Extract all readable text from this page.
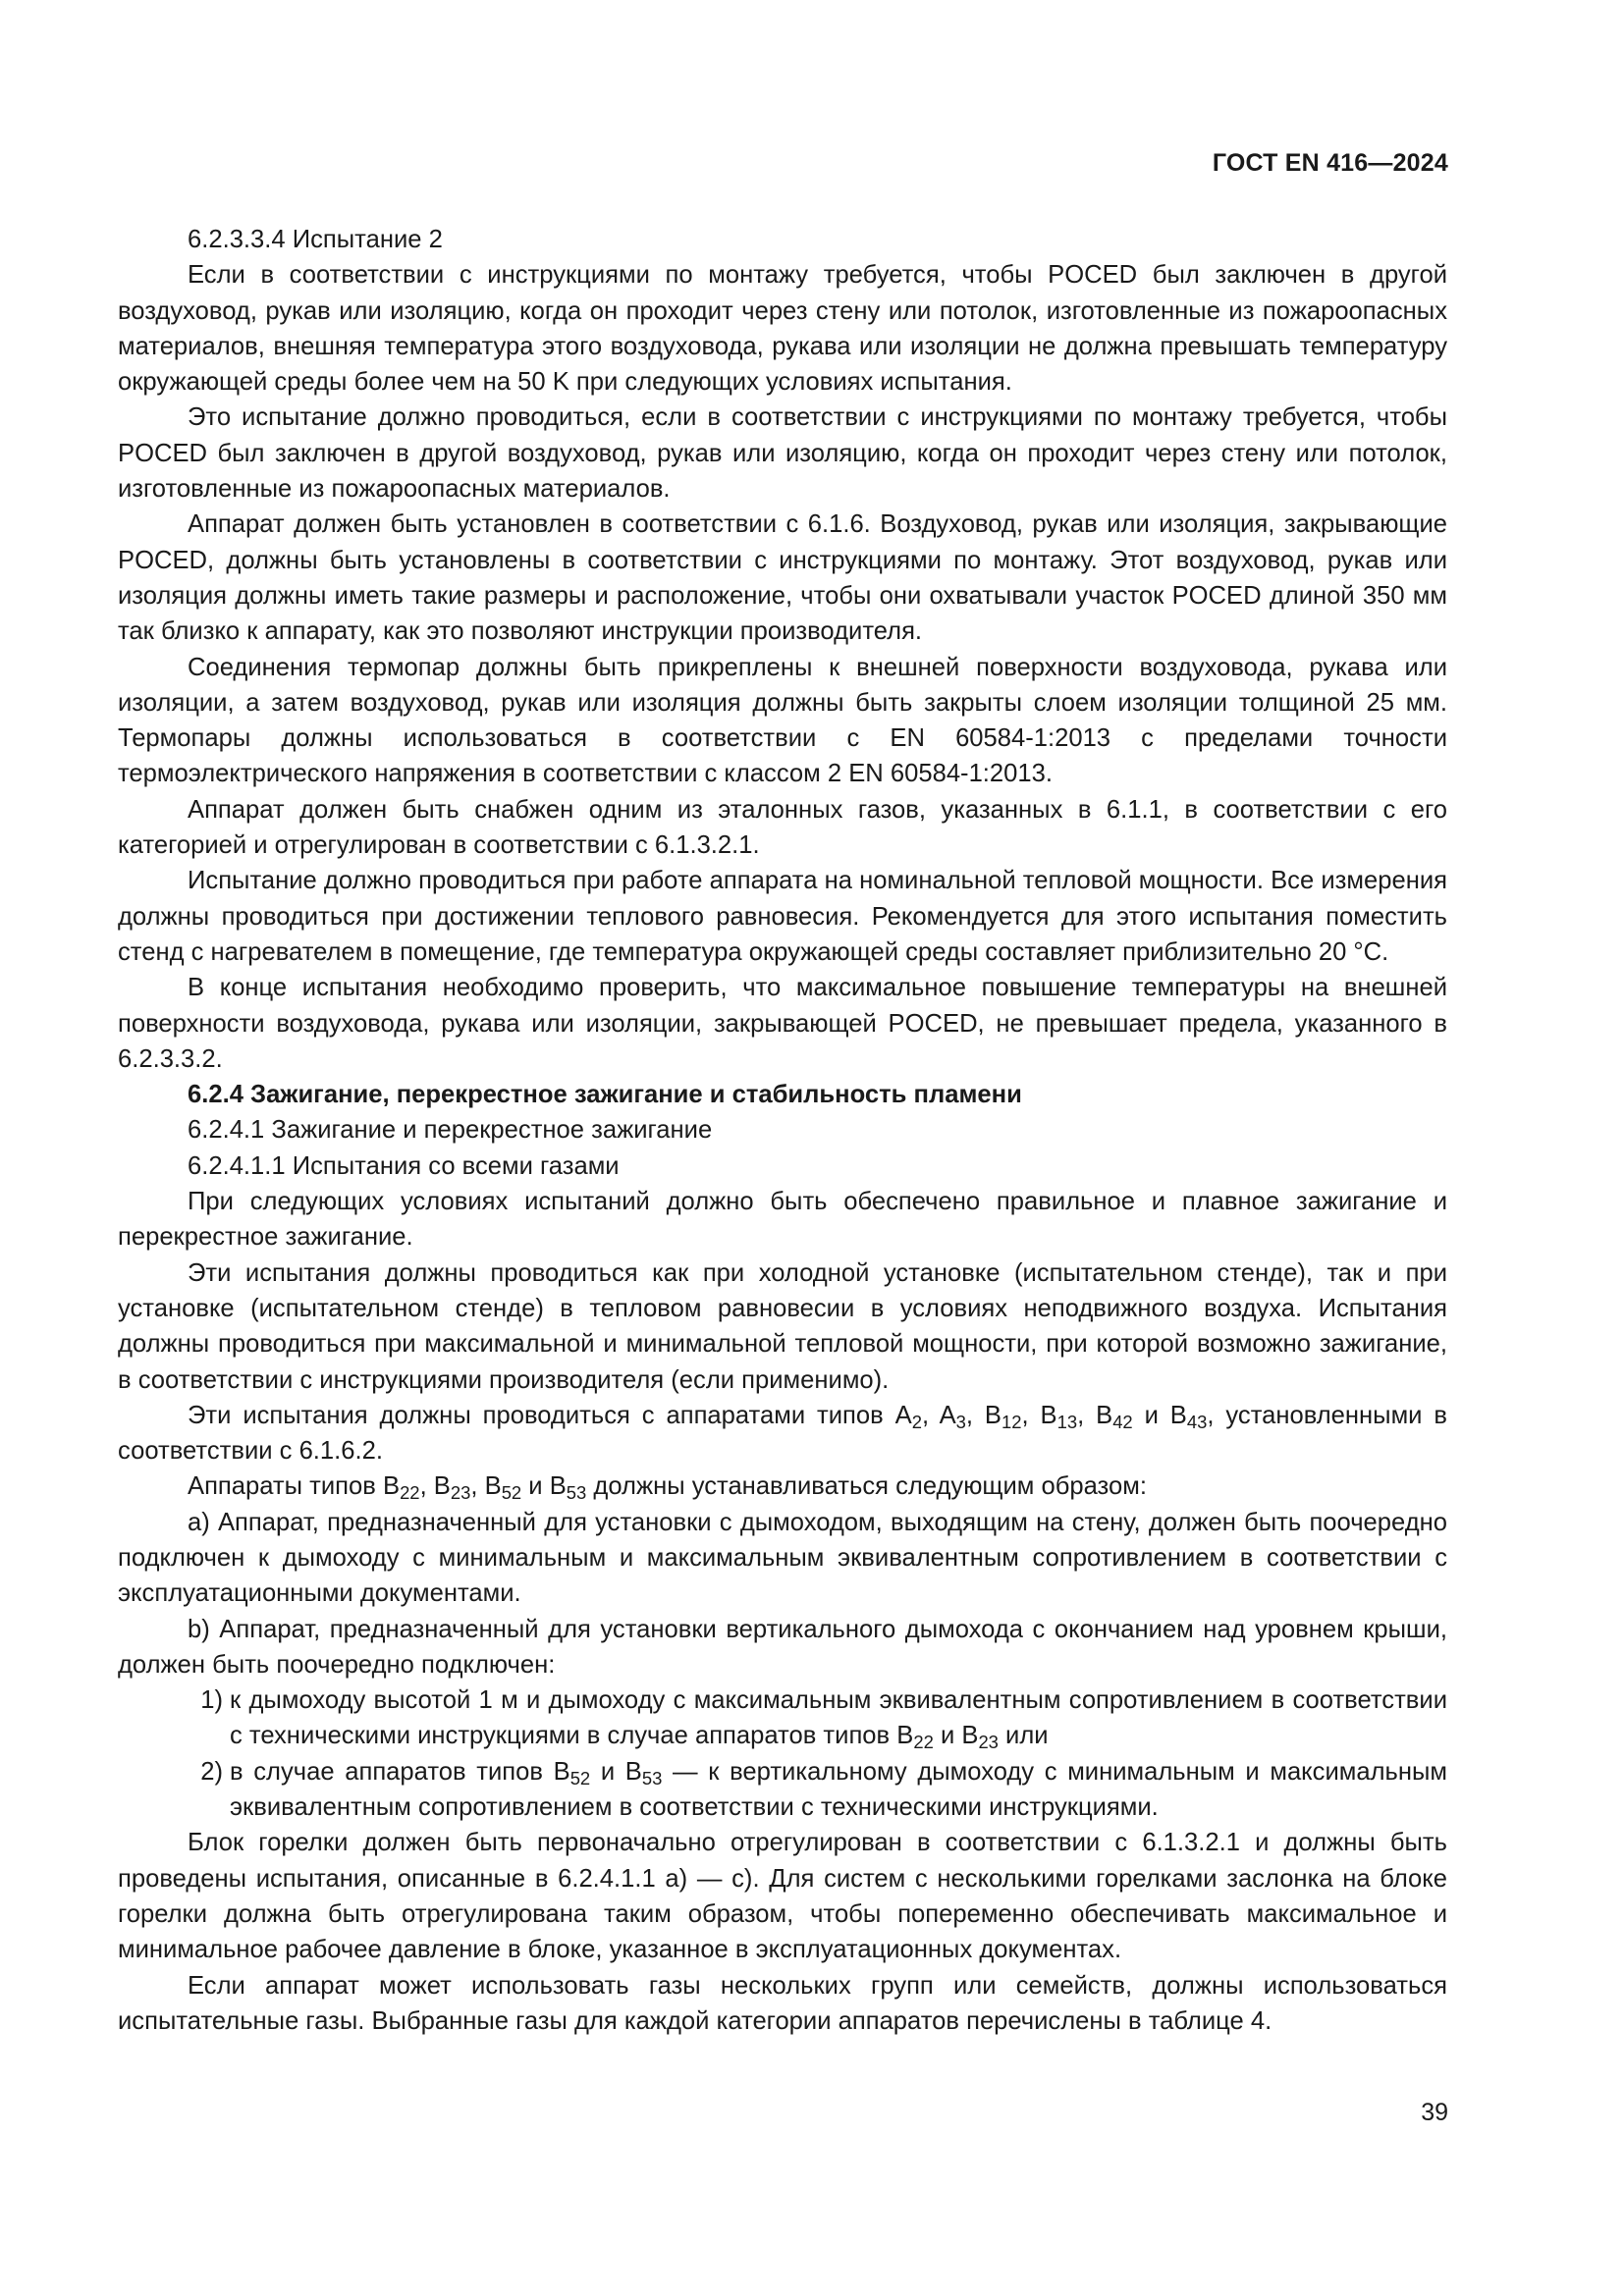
ГОСТ EN 416—2024

6.2.3.3.4 Испытание 2

Если в соответствии с инструкциями по монтажу требуется, чтобы POCED был заключен в другой воздуховод, рукав или изоляцию, когда он проходит через стену или потолок, изготовленные из пожароопасных материалов, внешняя температура этого воздуховода, рукава или изоляции не должна превышать температуру окружающей среды более чем на 50 K при следующих условиях испытания.

Это испытание должно проводиться, если в соответствии с инструкциями по монтажу требуется, чтобы POCED был заключен в другой воздуховод, рукав или изоляцию, когда он проходит через стену или потолок, изготовленные из пожароопасных материалов.

Аппарат должен быть установлен в соответствии с 6.1.6. Воздуховод, рукав или изоляция, закрывающие POCED, должны быть установлены в соответствии с инструкциями по монтажу. Этот воздуховод, рукав или изоляция должны иметь такие размеры и расположение, чтобы они охватывали участок POCED длиной 350 мм так близко к аппарату, как это позволяют инструкции производителя.

Соединения термопар должны быть прикреплены к внешней поверхности воздуховода, рукава или изоляции, а затем воздуховод, рукав или изоляция должны быть закрыты слоем изоляции толщиной 25 мм. Термопары должны использоваться в соответствии с EN 60584-1:2013 с пределами точности термоэлектрического напряжения в соответствии с классом 2 EN 60584-1:2013.

Аппарат должен быть снабжен одним из эталонных газов, указанных в 6.1.1, в соответствии с его категорией и отрегулирован в соответствии с 6.1.3.2.1.

Испытание должно проводиться при работе аппарата на номинальной тепловой мощности. Все измерения должны проводиться при достижении теплового равновесия. Рекомендуется для этого испытания поместить стенд с нагревателем в помещение, где температура окружающей среды составляет приблизительно 20 °С.

В конце испытания необходимо проверить, что максимальное повышение температуры на внешней поверхности воздуховода, рукава или изоляции, закрывающей POCED, не превышает предела, указанного в 6.2.3.3.2.

6.2.4 Зажигание, перекрестное зажигание и стабильность пламени

6.2.4.1 Зажигание и перекрестное зажигание

6.2.4.1.1 Испытания со всеми газами

При следующих условиях испытаний должно быть обеспечено правильное и плавное зажигание и перекрестное зажигание.

Эти испытания должны проводиться как при холодной установке (испытательном стенде), так и при установке (испытательном стенде) в тепловом равновесии в условиях неподвижного воздуха. Испытания должны проводиться при максимальной и минимальной тепловой мощности, при которой возможно зажигание, в соответствии с инструкциями производителя (если применимо).

Эти испытания должны проводиться с аппаратами типов $A_2$, $A_3$, $B_{12}$, $B_{13}$, $B_{42}$ и $B_{43}$, установленными в соответствии с 6.1.6.2.

Аппараты типов $B_{22}$, $B_{23}$, $B_{52}$ и $B_{53}$ должны устанавливаться следующим образом:

a) Аппарат, предназначенный для установки с дымоходом, выходящим на стену, должен быть поочередно подключен к дымоходу с минимальным и максимальным эквивалентным сопротивлением в соответствии с эксплуатационными документами.

b) Аппарат, предназначенный для установки вертикального дымохода с окончанием над уровнем крыши, должен быть поочередно подключен:

1) к дымоходу высотой 1 м и дымоходу с максимальным эквивалентным сопротивлением в соответствии с техническими инструкциями в случае аппаратов типов $B_{22}$ и $B_{23}$ или
2) в случае аппаратов типов $B_{52}$ и $B_{53}$ — к вертикальному дымоходу с минимальным и максимальным эквивалентным сопротивлением в соответствии с техническими инструкциями.

Блок горелки должен быть первоначально отрегулирован в соответствии с 6.1.3.2.1 и должны быть проведены испытания, описанные в 6.2.4.1.1 a) — c). Для систем с несколькими горелками заслонка на блоке горелки должна быть отрегулирована таким образом, чтобы попеременно обеспечивать максимальное и минимальное рабочее давление в блоке, указанное в эксплуатационных документах.

Если аппарат может использовать газы нескольких групп или семейств, должны использоваться испытательные газы. Выбранные газы для каждой категории аппаратов перечислены в таблице 4.

39
